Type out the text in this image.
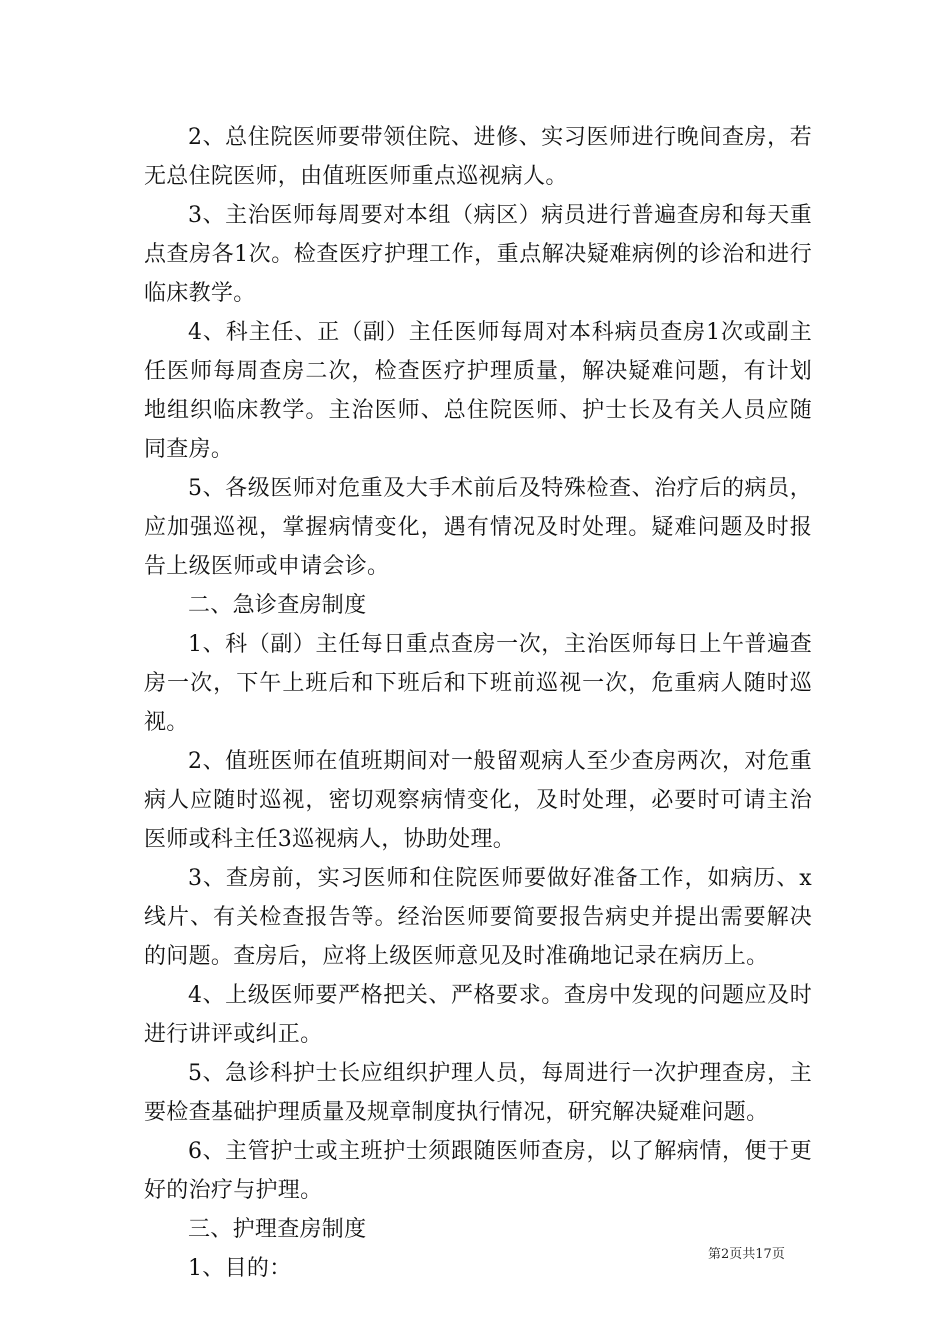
2、总住院医师要带领住院、进修、实习医师进行晚间查房，若无总住院医师，由值班医师重点巡视病人。

3、主治医师每周要对本组（病区）病员进行普遍查房和每天重点查房各1次。检查医疗护理工作，重点解决疑难病例的诊治和进行临床教学。

4、科主任、正（副）主任医师每周对本科病员查房1次或副主任医师每周查房二次，检查医疗护理质量，解决疑难问题，有计划地组织临床教学。主治医师、总住院医师、护士长及有关人员应随同查房。

5、各级医师对危重及大手术前后及特殊检查、治疗后的病员，应加强巡视，掌握病情变化，遇有情况及时处理。疑难问题及时报告上级医师或申请会诊。

二、急诊查房制度

1、科（副）主任每日重点查房一次，主治医师每日上午普遍查房一次，下午上班后和下班后和下班前巡视一次，危重病人随时巡视。

2、值班医师在值班期间对一般留观病人至少查房两次，对危重病人应随时巡视，密切观察病情变化，及时处理，必要时可请主治医师或科主任3巡视病人，协助处理。

3、查房前，实习医师和住院医师要做好准备工作，如病历、x线片、有关检查报告等。经治医师要简要报告病史并提出需要解决的问题。查房后，应将上级医师意见及时准确地记录在病历上。

4、上级医师要严格把关、严格要求。查房中发现的问题应及时进行讲评或纠正。

5、急诊科护士长应组织护理人员，每周进行一次护理查房，主要检查基础护理质量及规章制度执行情况，研究解决疑难问题。

6、主管护士或主班护士须跟随医师查房，以了解病情，便于更好的治疗与护理。

三、护理查房制度

1、目的：

第2页共17页
